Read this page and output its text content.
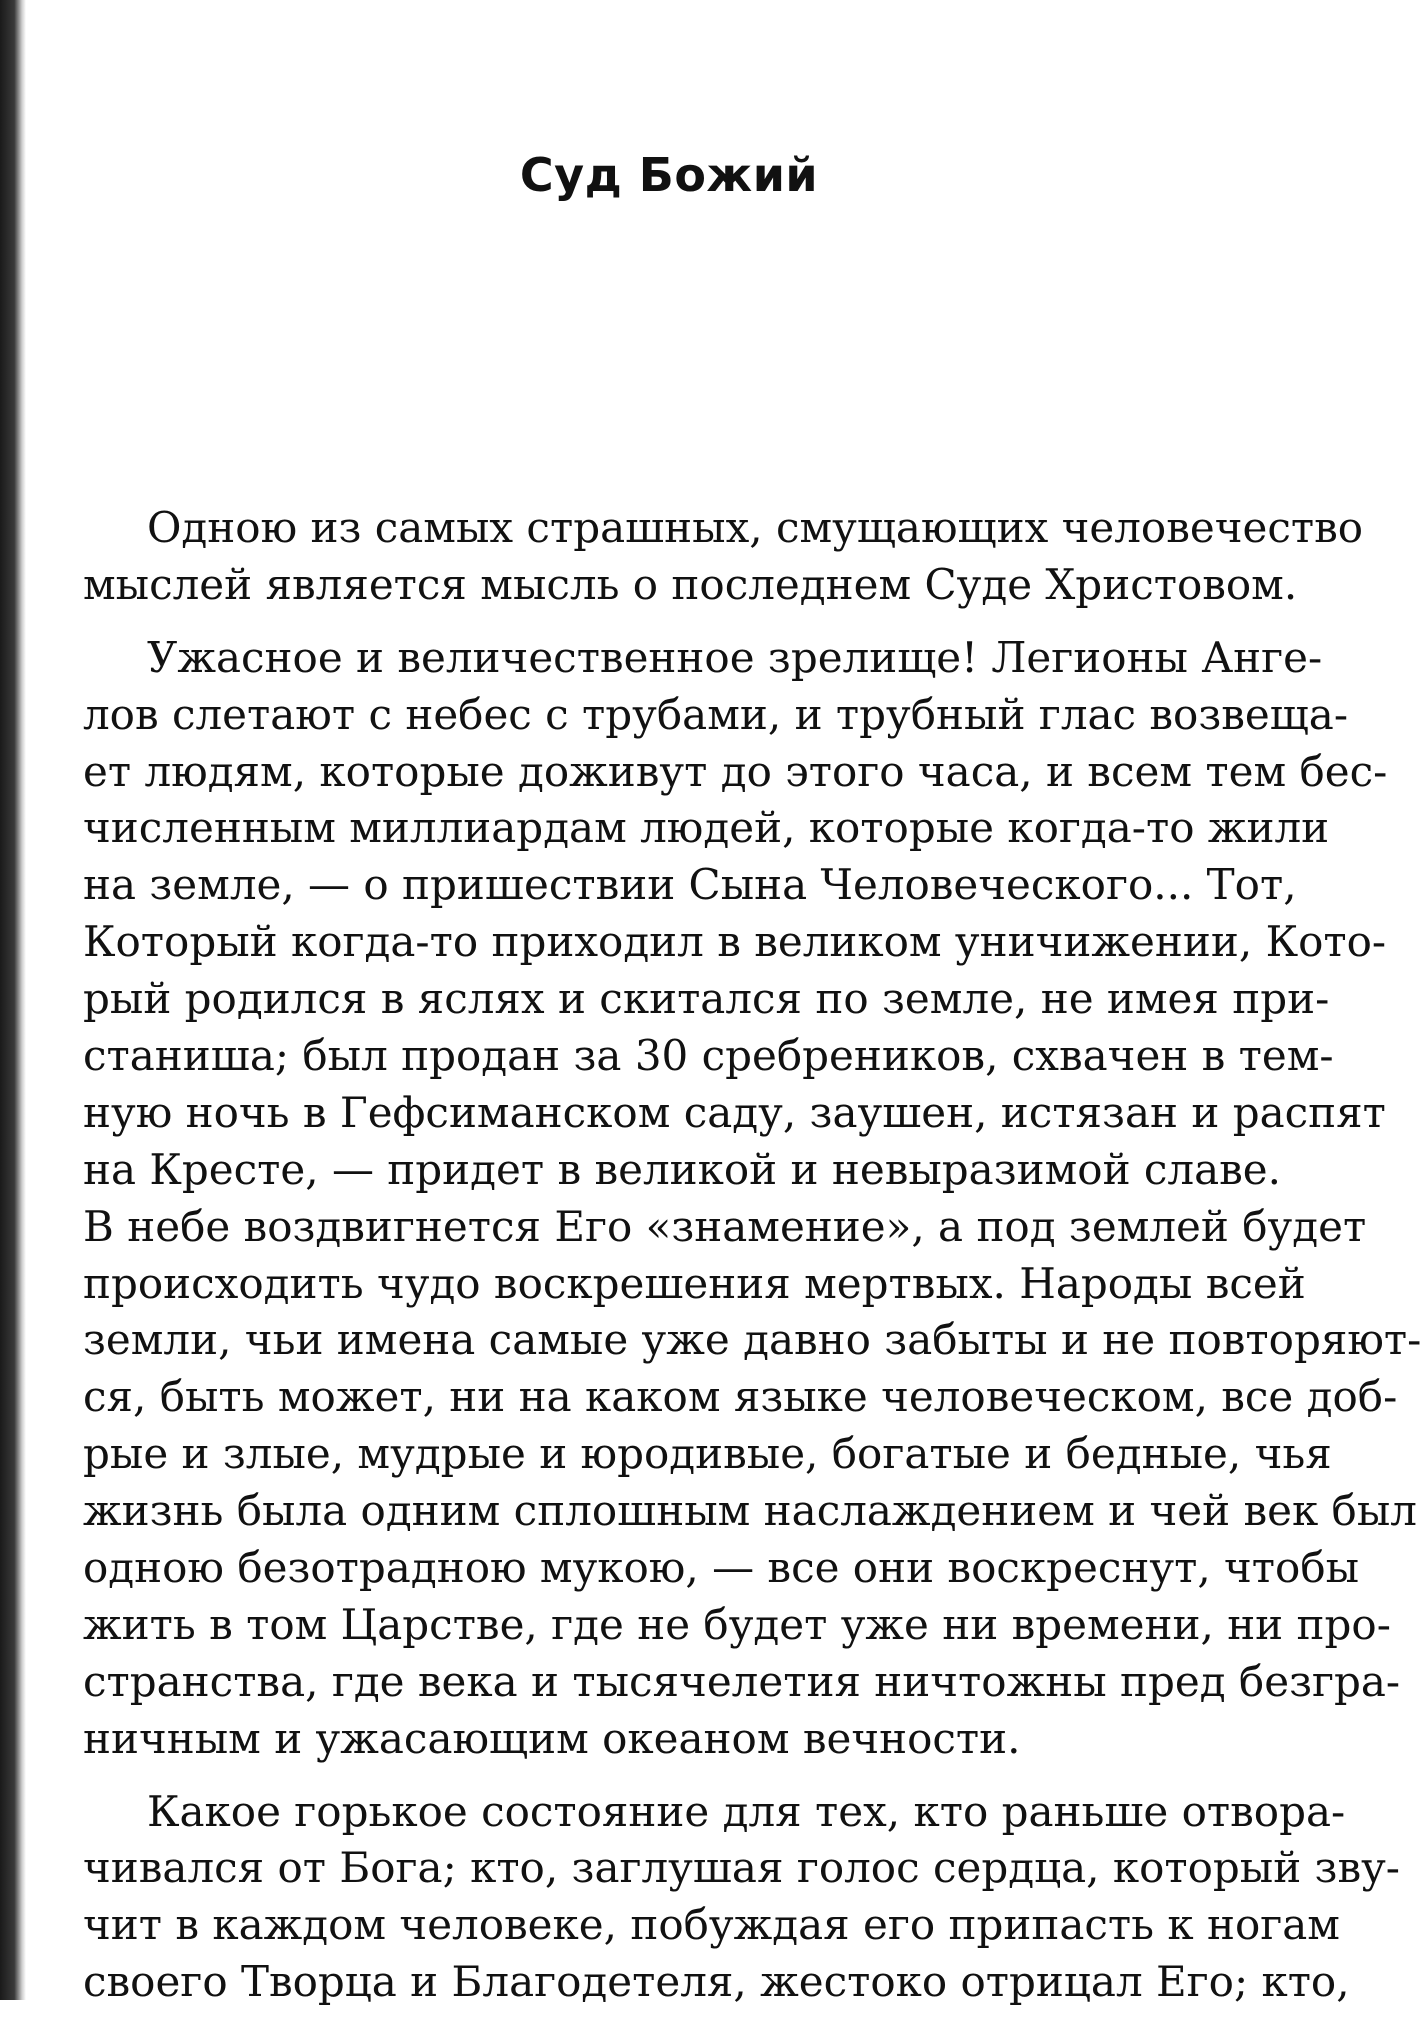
Суд Божий
Одною из самых страшных, смущающих человечество
мыслей является мысль о последнем Суде Христовом.
Ужасное и величественное зрелище! Легионы Анге-
лов слетают с небес с трубами, и трубный глас возвеща-
ет людям, которые доживут до этого часа, и всем тем бес-
численным миллиардам людей, которые когда-то жили
на земле, — о пришествии Сына Человеческого... Тот,
Который когда-то приходил в великом уничижении, Кото-
рый родился в яслях и скитался по земле, не имея при-
станиша; был продан за 30 сребреников, схвачен в тем-
ную ночь в Гефсиманском саду, заушен, истязан и распят
на Кресте, — придет в великой и невыразимой славе.
В небе воздвигнется Его «знамение», а под землей будет
происходить чудо воскрешения мертвых. Народы всей
земли, чьи имена самые уже давно забыты и не повторяют-
ся, быть может, ни на каком языке человеческом, все доб-
рые и злые, мудрые и юродивые, богатые и бедные, чья
жизнь была одним сплошным наслаждением и чей век был
одною безотрадною мукою, — все они воскреснут, чтобы
жить в том Царстве, где не будет уже ни времени, ни про-
странства, где века и тысячелетия ничтожны пред безгра-
ничным и ужасающим океаном вечности.
Какое горькое состояние для тех, кто раньше отвора-
чивался от Бога; кто, заглушая голос сердца, который зву-
чит в каждом человеке, побуждая его припасть к ногам
своего Творца и Благодетеля, жестоко отрицал Его; кто,
